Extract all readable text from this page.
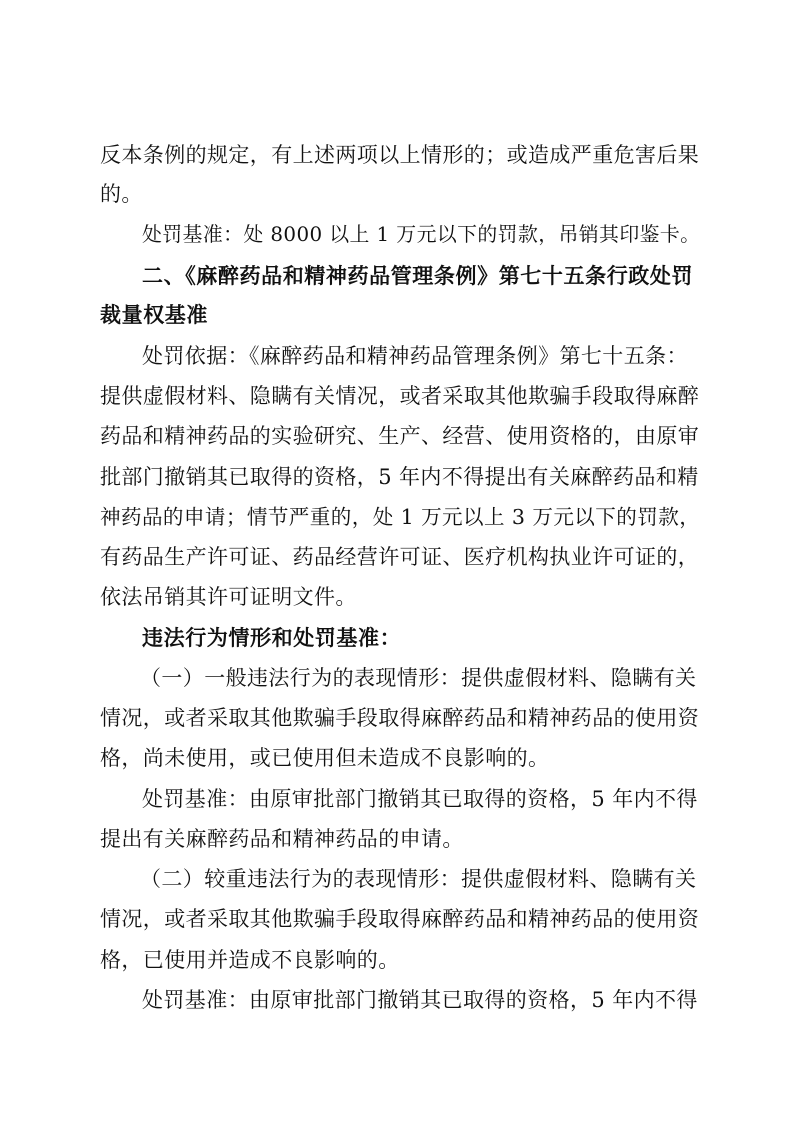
反本条例的规定，有上述两项以上情形的；或造成严重危害后果
的。
处罚基准：处 8000 以上 1 万元以下的罚款，吊销其印鉴卡。
二、《麻醉药品和精神药品管理条例》第七十五条行政处罚
裁量权基准
处罚依据：《麻醉药品和精神药品管理条例》第七十五条：
提供虚假材料、隐瞒有关情况，或者采取其他欺骗手段取得麻醉
药品和精神药品的实验研究、生产、经营、使用资格的，由原审
批部门撤销其已取得的资格，5 年内不得提出有关麻醉药品和精
神药品的申请；情节严重的，处 1 万元以上 3 万元以下的罚款，
有药品生产许可证、药品经营许可证、医疗机构执业许可证的，
依法吊销其许可证明文件。
违法行为情形和处罚基准：
（一）一般违法行为的表现情形：提供虚假材料、隐瞒有关
情况，或者采取其他欺骗手段取得麻醉药品和精神药品的使用资
格，尚未使用，或已使用但未造成不良影响的。
处罚基准：由原审批部门撤销其已取得的资格，5 年内不得
提出有关麻醉药品和精神药品的申请。
（二）较重违法行为的表现情形：提供虚假材料、隐瞒有关
情况，或者采取其他欺骗手段取得麻醉药品和精神药品的使用资
格，已使用并造成不良影响的。
处罚基准：由原审批部门撤销其已取得的资格，5 年内不得
